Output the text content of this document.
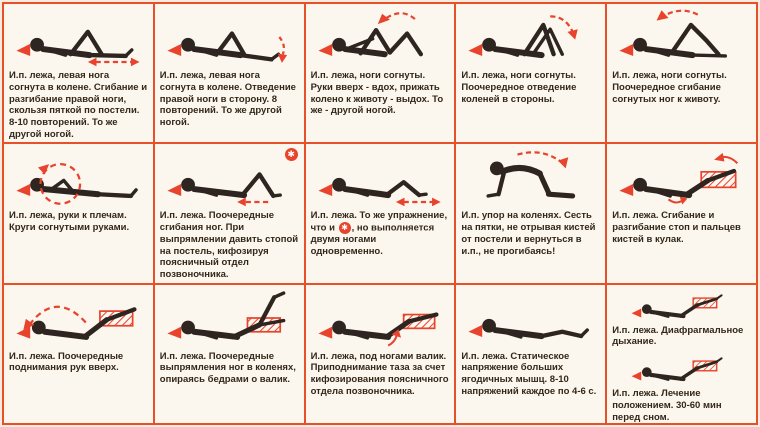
И.п. лежа, левая нога согнута в колене. Сгибание и разгибание правой ноги, скользя пяткой по постели. 8-10 повторений. То же другой ногой.
И.п. лежа, левая нога согнута в колене. Отведение правой ноги в сторону. 8 повторений. То же другой ногой.
И.п. лежа, ноги согнуты. Руки вверх - вдох, прижать колено к животу - выдох. То же - другой ногой.
И.п. лежа, ноги согнуты. Поочередное отведение коленей в стороны.
И.п. лежа, ноги согнуты. Поочередное сгибание согнутых ног к животу.
И.п. лежа, руки к плечам. Круги согнутыми руками.
✱
И.п. лежа. Поочередные сгибания ног. При выпрямлении давить стопой на постель, кифозируя поясничный отдел позвоночника.
И.п. лежа. То же упражнение, что и ✱ , но выполняется двумя ногами одновременно.
И.п. упор на коленях. Сесть на пятки, не отрывая кистей от постели и вернуться в и.п., не прогибаясь!
И.п. лежа. Сгибание и разгибание стоп и пальцев кистей в кулак.
И.п. лежа. Поочередные поднимания рук вверх.
И.п. лежа. Поочередные выпрямления ног в коленях, опираясь бедрами о валик.
И.п. лежа, под ногами валик. Приподнимание таза за счет кифозирования поясничного отдела позвоночника.
И.п. лежа. Статическое напряжение больших ягодичных мышц. 8-10 напряжений каждое по 4-6 с.
И.п. лежа. Диафрагмальное дыхание.
И.п. лежа. Лечение положением. 30-60 мин перед сном.
